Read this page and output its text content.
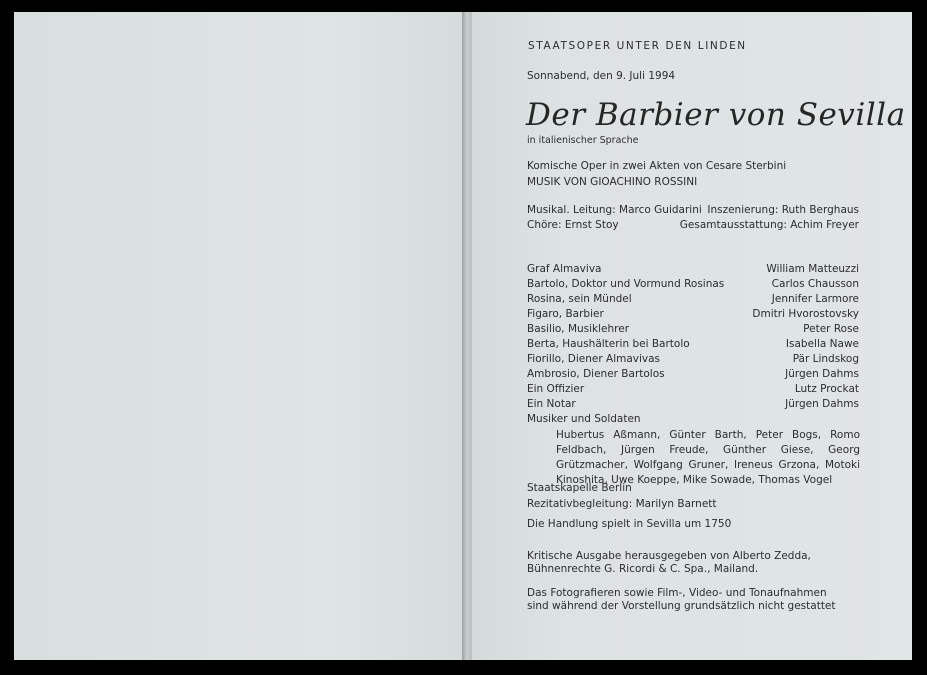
STAATSOPER UNTER DEN LINDEN

Sonnabend, den 9. Juli 1994

Der Barbier von Sevilla

in italienischer Sprache

Komische Oper in zwei Akten von Cesare Sterbini

MUSIK VON GIOACHINO ROSSINI

Musikal. Leitung: Marco Guidarini Inszenierung: Ruth Berghaus
Chöre: Ernst Stoy	Gesamtausstattung: Achim Freyer
Graf Almaviva	William Matteuzzi
Bartolo, Doktor und Vormund Rosinas	Carlos Chausson
Rosina, sein Mündel	Jennifer Larmore
Figaro, Barbier	Dmitri Hvorostovsky
Basilio, Musiklehrer	Peter Rose
Berta, Haushälterin bei Bartolo	Isabella Nawe
Fiorillo, Diener Almavivas	Pär Lindskog
Ambrosio, Diener Bartolos	Jürgen Dahms
Ein Offizier	Lutz Prockat
Ein Notar	Jürgen Dahms

Musiker und Soldaten

Hubertus Aßmann, Günter Barth, Peter Bogs, Romo Feldbach, Jürgen Freude, Günther Giese, Georg Grützmacher, Wolfgang Gruner, Ireneus Grzona, Motoki Kinoshita, Uwe Koeppe, Mike Sowade, Thomas Vogel

Staatskapelle Berlin

Rezitativbegleitung: Marilyn Barnett

Die Handlung spielt in Sevilla um 1750

Kritische Ausgabe herausgegeben von Alberto Zedda,

Bühnenrechte G. Ricordi & C. Spa., Mailand.

Das Fotografieren sowie Film-, Video- und Tonaufnahmen

sind während der Vorstellung grundsätzlich nicht gestattet
